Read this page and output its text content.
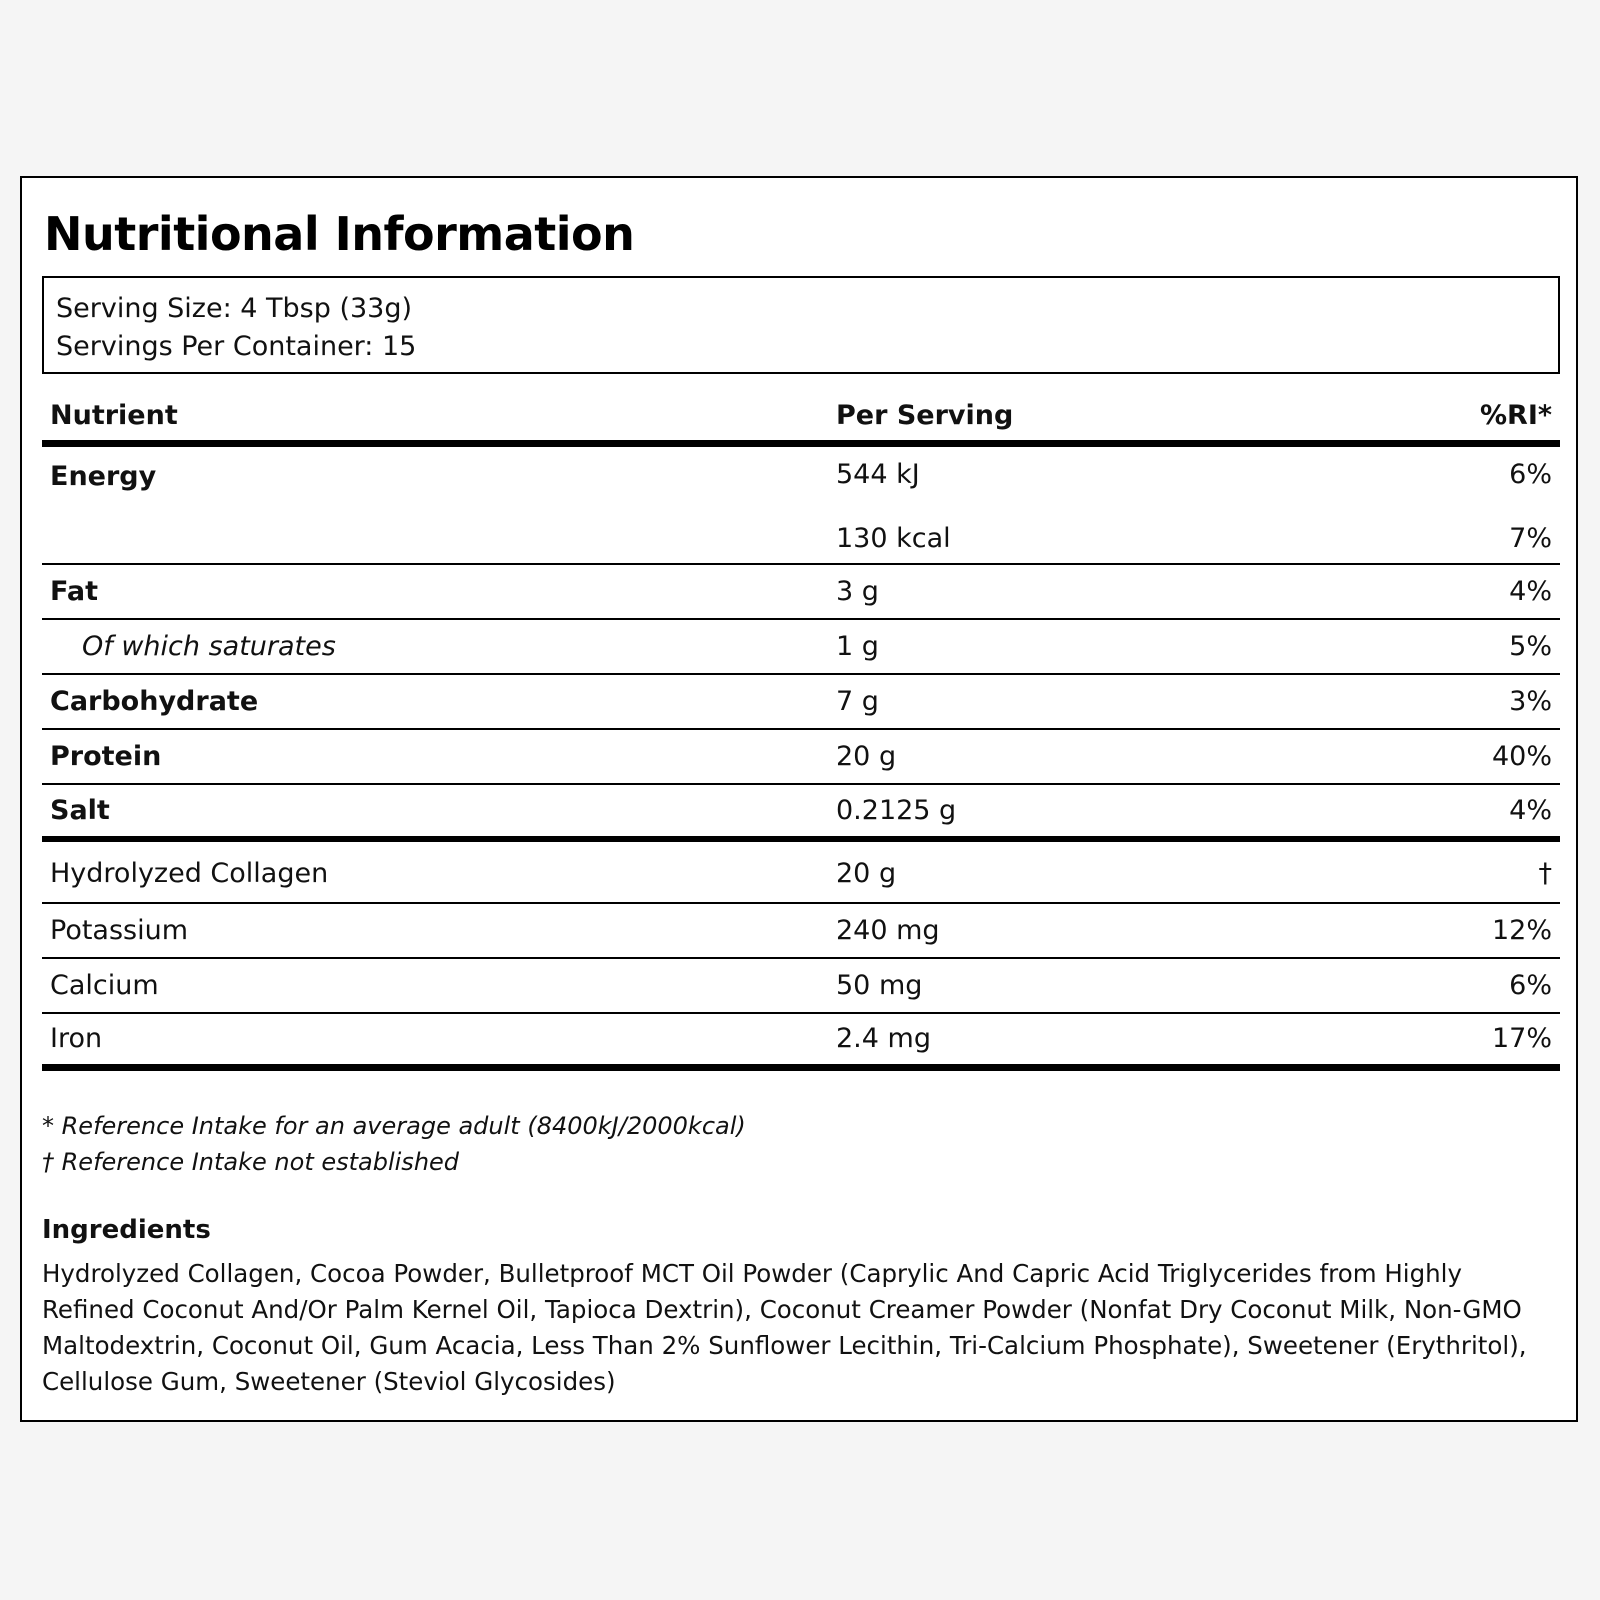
Nutritional Information
Serving Size: 4 Tbsp (33g)
Servings Per Container: 15
Nutrient	Per Serving	%RI*
Energy	544 kJ	6%
	130 kcal	7%
Fat	3 g	4%
Of which saturates	1 g	5%
Carbohydrate	7 g	3%
Protein	20 g	40%
Salt	0.2125 g	4%
Hydrolyzed Collagen	20 g	†
Potassium	240 mg	12%
Calcium	50 mg	6%
Iron	2.4 mg	17%
* Reference Intake for an average adult (8400kJ/2000kcal)
† Reference Intake not established
Ingredients
Hydrolyzed Collagen, Cocoa Powder, Bulletproof MCT Oil Powder (Caprylic And Capric Acid Triglycerides from Highly Refined Coconut And/Or Palm Kernel Oil, Tapioca Dextrin), Coconut Creamer Powder (Nonfat Dry Coconut Milk, Non-GMO Maltodextrin, Coconut Oil, Gum Acacia, Less Than 2% Sunflower Lecithin, Tri-Calcium Phosphate), Sweetener (Erythritol), Cellulose Gum, Sweetener (Steviol Glycosides)
